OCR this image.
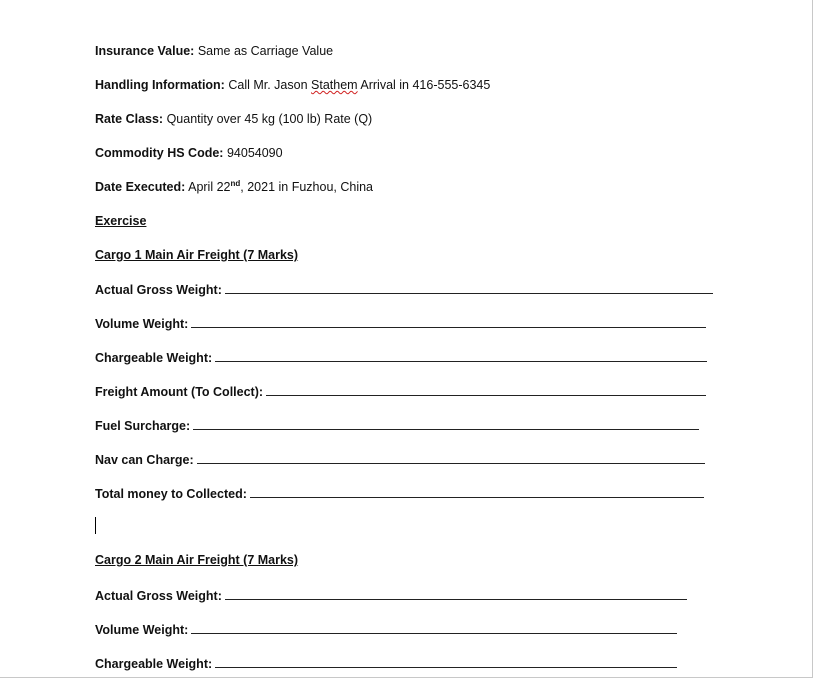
Insurance Value: Same as Carriage Value
Handling Information: Call Mr. Jason Stathem Arrival in 416-555-6345
Rate Class: Quantity over 45 kg (100 lb) Rate (Q)
Commodity HS Code: 94054090
Date Executed: April 22nd, 2021 in Fuzhou, China
Exercise
Cargo 1 Main Air Freight (7 Marks)
Actual Gross Weight:
Volume Weight:
Chargeable Weight:
Freight Amount (To Collect):
Fuel Surcharge:
Nav can Charge:
Total money to Collected:
Cargo 2 Main Air Freight (7 Marks)
Actual Gross Weight:
Volume Weight:
Chargeable Weight:
